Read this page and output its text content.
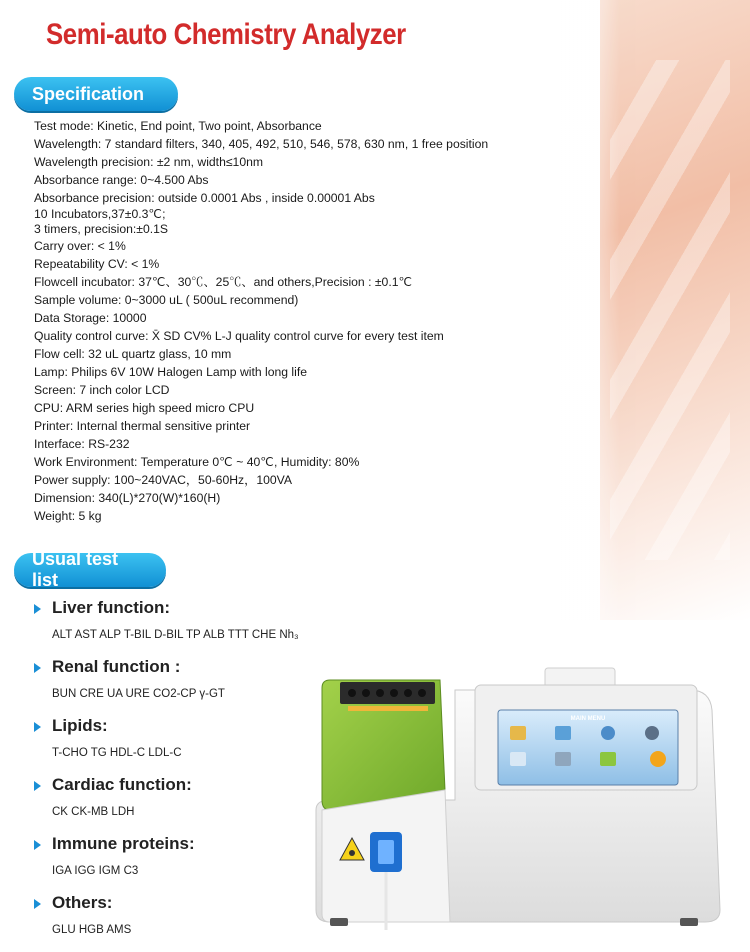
Semi-auto Chemistry Analyzer
Specification
Test mode: Kinetic, End point, Two point, Absorbance
Wavelength: 7 standard filters, 340, 405, 492, 510, 546, 578, 630 nm, 1 free position
Wavelength precision: ±2 nm, width≤10nm
Absorbance range: 0~4.500 Abs
Absorbance precision: outside 0.0001 Abs , inside 0.00001 Abs
10 Incubators,37±0.3℃;
3 timers, precision:±0.1S
Carry over: < 1%
Repeatability CV: < 1%
Flowcell incubator: 37℃、30℃、25℃、and others,Precision : ±0.1℃
Sample volume: 0~3000 uL ( 500uL recommend)
Data Storage: 10000
Quality control curve: X̄ SD CV% L-J quality control curve for every test item
Flow cell: 32 uL quartz glass, 10 mm
Lamp: Philips 6V 10W Halogen Lamp with long life
Screen: 7 inch color LCD
CPU: ARM series high speed micro CPU
Printer: Internal thermal sensitive printer
Interface: RS-232
Work Environment: Temperature 0℃ ~ 40℃, Humidity: 80%
Power supply: 100~240VAC，50-60Hz，100VA
Dimension: 340(L)*270(W)*160(H)
Weight: 5 kg
Usual test list
Liver function:
ALT AST ALP T-BIL D-BIL TP ALB TTT CHE Nh₃
Renal function :
BUN CRE UA URE CO2-CP γ-GT
Lipids:
T-CHO TG HDL-C LDL-C
Cardiac function:
CK CK-MB LDH
Immune proteins:
IGA IGG IGM C3
Others:
GLU HGB AMS
MAIN MENU
